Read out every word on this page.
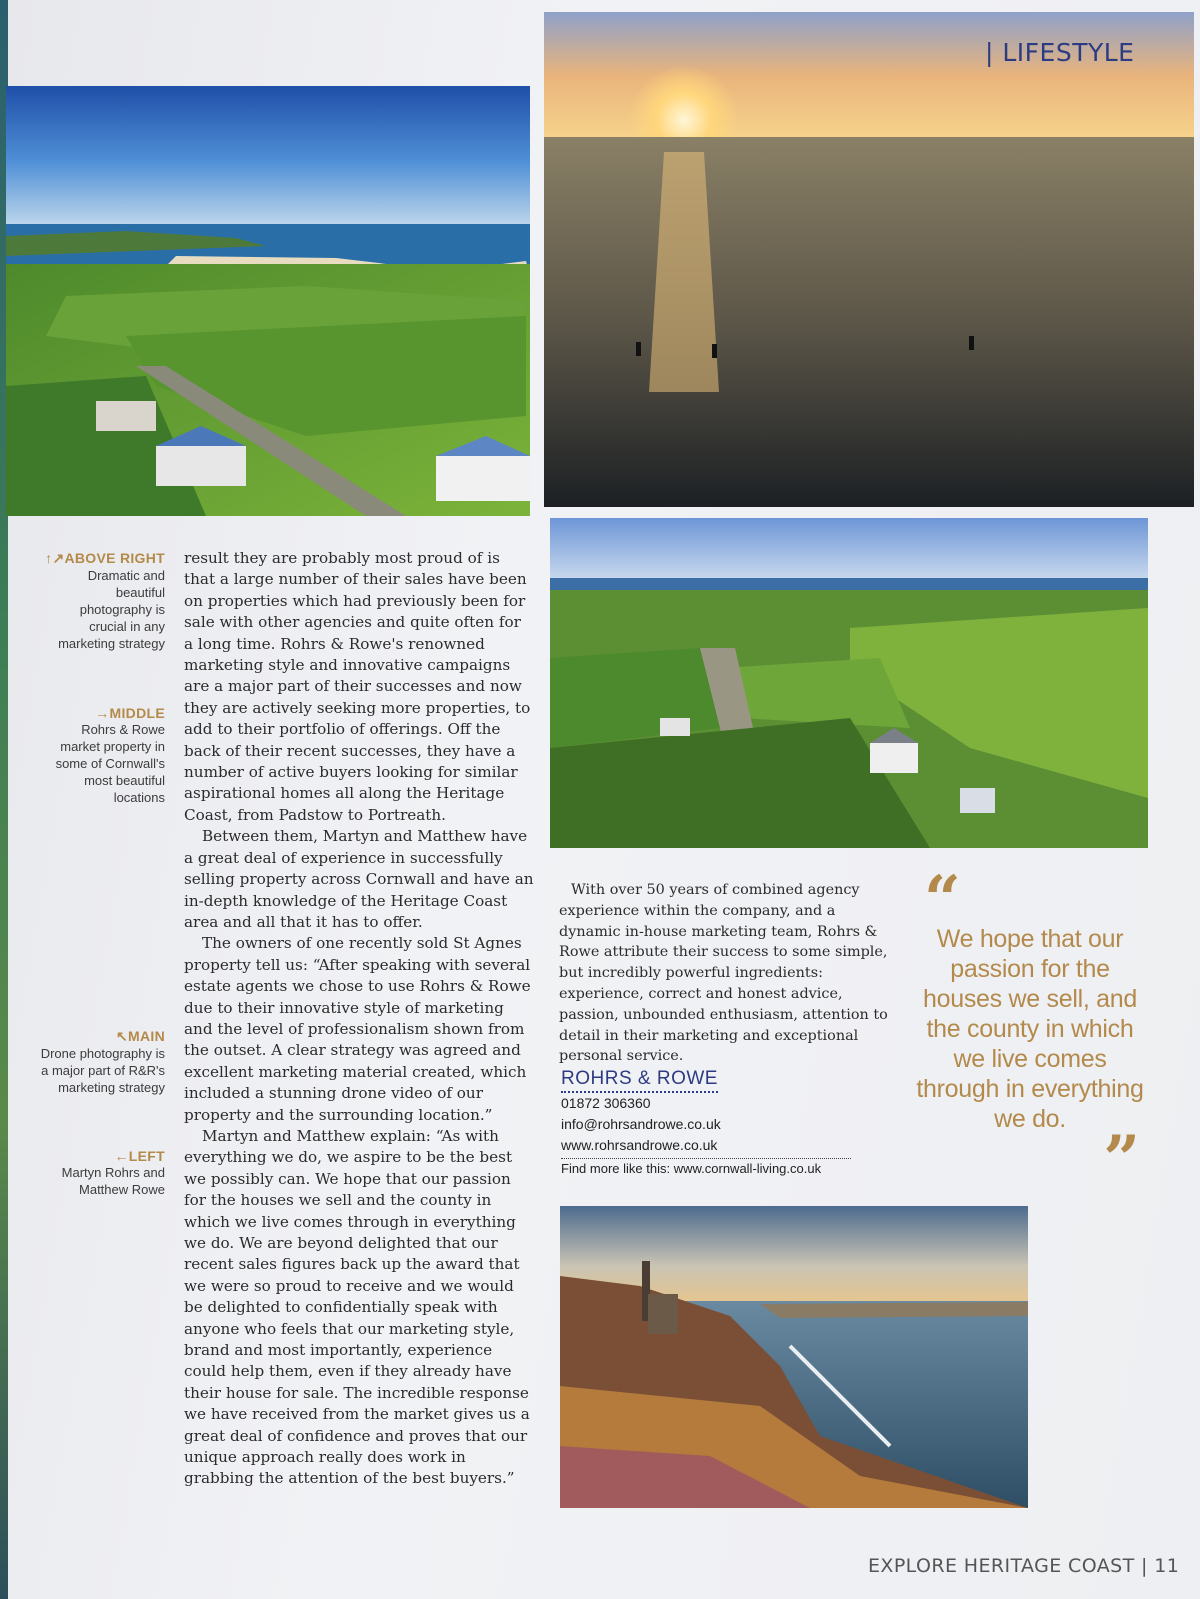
| LIFESTYLE
↑↗ABOVE RIGHT
Dramatic and beautiful photography is crucial in any marketing strategy
→MIDDLE
Rohrs & Rowe market property in some of Cornwall's most beautiful locations
↖MAIN
Drone photography is a major part of R&R's marketing strategy
←LEFT
Martyn Rohrs and Matthew Rowe

result they are probably most proud of is that a large number of their sales have been on properties which had previously been for sale with other agencies and quite often for a long time. Rohrs & Rowe's renowned marketing style and innovative campaigns are a major part of their successes and now they are actively seeking more properties, to add to their portfolio of offerings. Off the back of their recent successes, they have a number of active buyers looking for similar aspirational homes all along the Heritage Coast, from Padstow to Portreath.

Between them, Martyn and Matthew have a great deal of experience in successfully selling property across Cornwall and have an in-depth knowledge of the Heritage Coast area and all that it has to offer.

The owners of one recently sold St Agnes property tell us: “After speaking with several estate agents we chose to use Rohrs & Rowe due to their innovative style of marketing and the level of professionalism shown from the outset. A clear strategy was agreed and excellent marketing material created, which included a stunning drone video of our property and the surrounding location.”

Martyn and Matthew explain: “As with everything we do, we aspire to be the best we possibly can. We hope that our passion for the houses we sell and the county in which we live comes through in everything we do. We are beyond delighted that our recent sales figures back up the award that we were so proud to receive and we would be delighted to confidentially speak with anyone who feels that our marketing style, brand and most importantly, experience could help them, even if they already have their house for sale. The incredible response we have received from the market gives us a great deal of confidence and proves that our unique approach really does work in grabbing the attention of the best buyers.”

With over 50 years of combined agency experience within the company, and a dynamic in-house marketing team, Rohrs & Rowe attribute their success to some simple, but incredibly powerful ingredients: experience, correct and honest advice, passion, unbounded enthusiasm, attention to detail in their marketing and exceptional personal service.

ROHRS & ROWE
01872 306360
info@rohrsandrowe.co.uk
www.rohrsandrowe.co.uk
Find more like this: www.cornwall-living.co.uk
“
We hope that our passion for the houses we sell, and the county in which we live comes through in everything we do.
”
EXPLORE HERITAGE COAST | 11
